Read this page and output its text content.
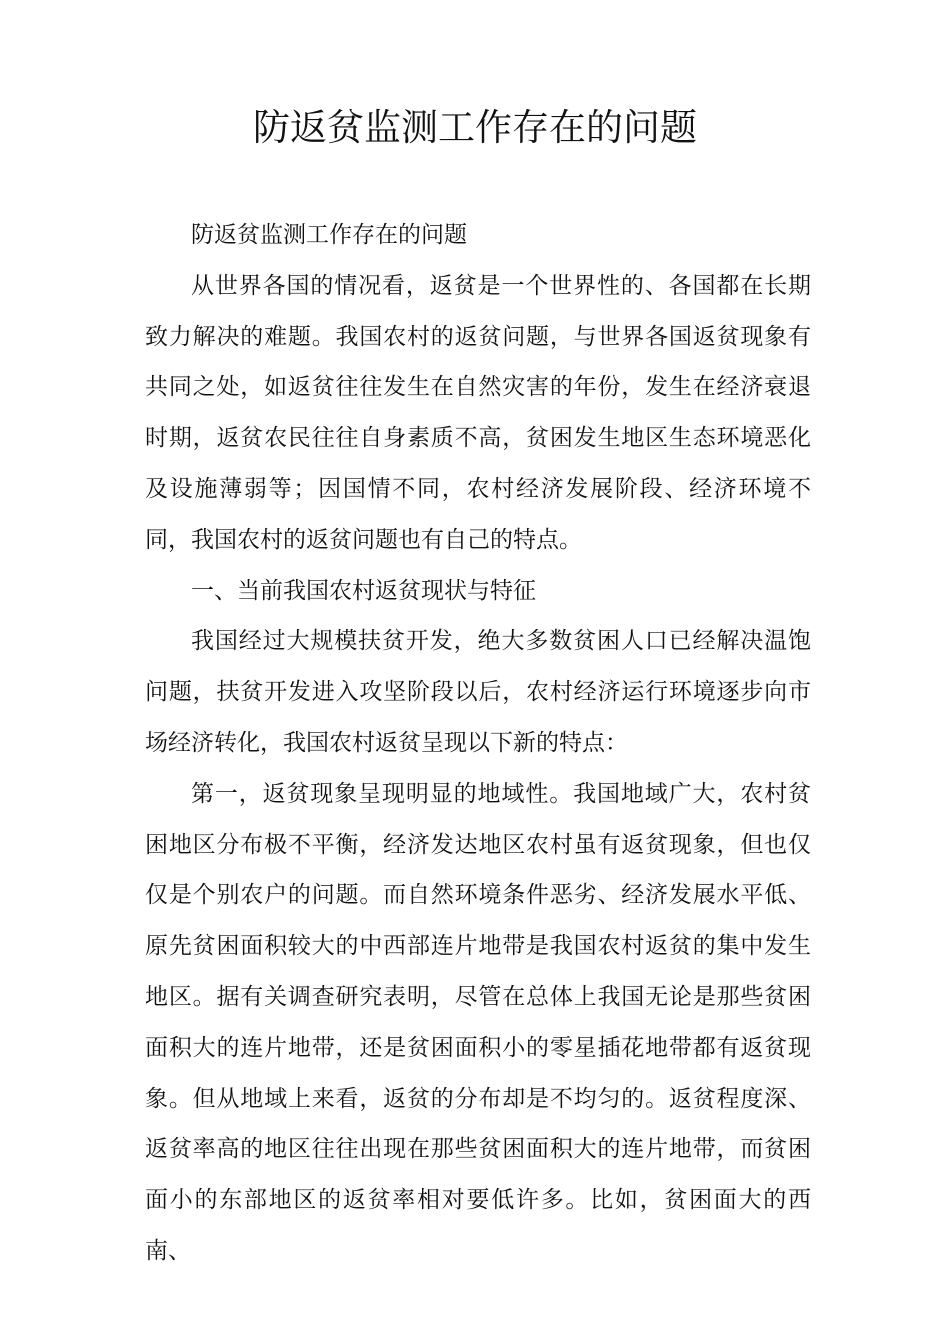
防返贫监测工作存在的问题

防返贫监测工作存在的问题

从世界各国的情况看，返贫是一个世界性的、各国都在长期致力解决的难题。我国农村的返贫问题，与世界各国返贫现象有共同之处，如返贫往往发生在自然灾害的年份，发生在经济衰退时期，返贫农民往往自身素质不高，贫困发生地区生态环境恶化及设施薄弱等；因国情不同，农村经济发展阶段、经济环境不同，我国农村的返贫问题也有自己的特点。

一、当前我国农村返贫现状与特征

我国经过大规模扶贫开发，绝大多数贫困人口已经解决温饱问题，扶贫开发进入攻坚阶段以后，农村经济运行环境逐步向市场经济转化，我国农村返贫呈现以下新的特点：

第一，返贫现象呈现明显的地域性。我国地域广大，农村贫困地区分布极不平衡，经济发达地区农村虽有返贫现象，但也仅仅是个别农户的问题。而自然环境条件恶劣、经济发展水平低、原先贫困面积较大的中西部连片地带是我国农村返贫的集中发生地区。据有关调查研究表明，尽管在总体上我国无论是那些贫困面积大的连片地带，还是贫困面积小的零星插花地带都有返贫现象。但从地域上来看，返贫的分布却是不均匀的。返贫程度深、返贫率高的地区往往出现在那些贫困面积大的连片地带，而贫困面小的东部地区的返贫率相对要低许多。比如，贫困面大的西南、
